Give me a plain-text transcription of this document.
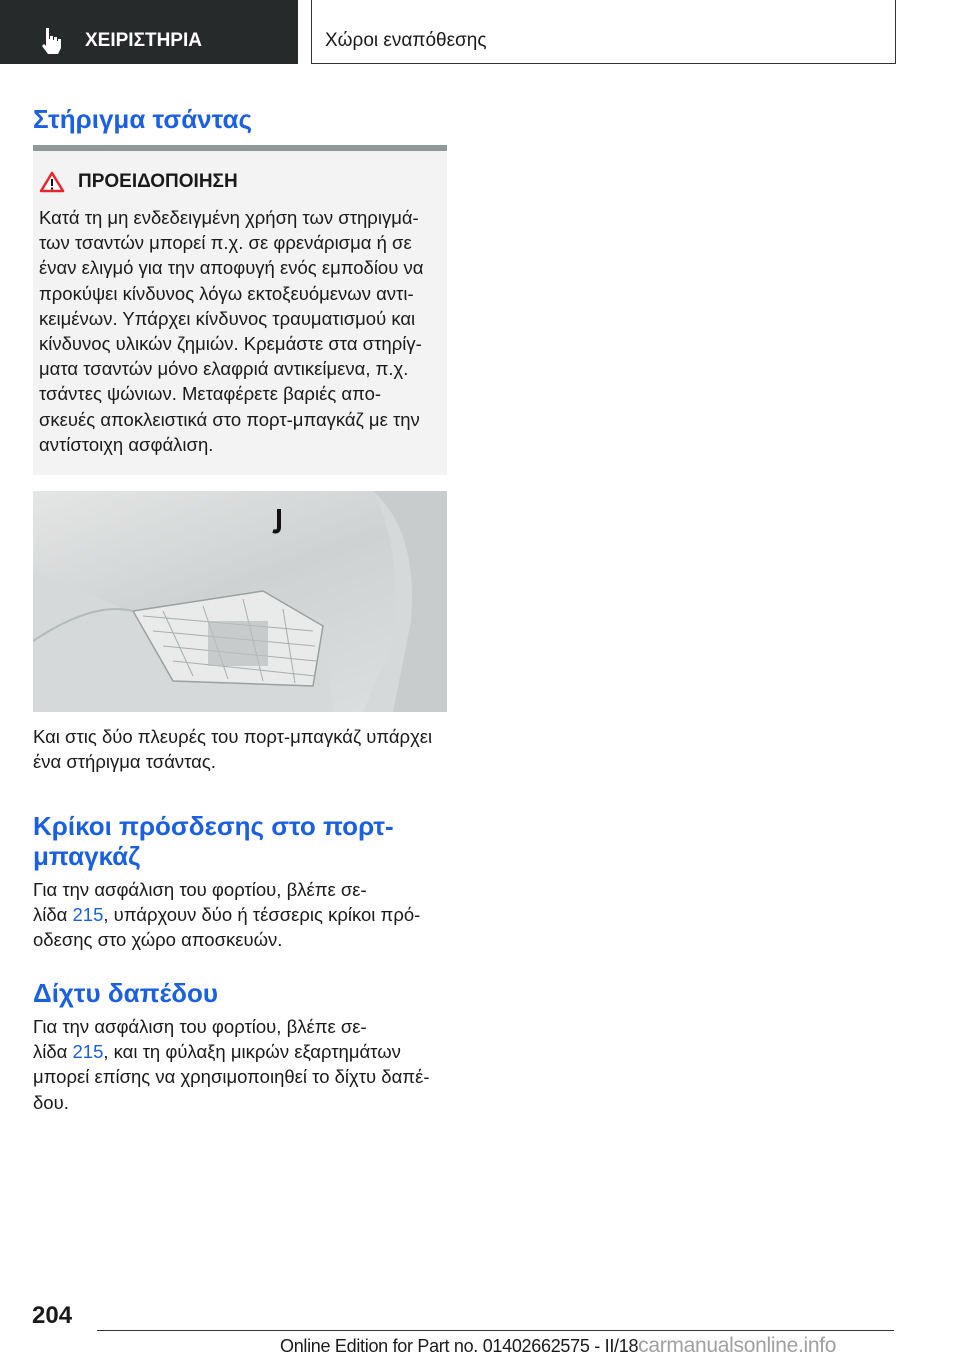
ΧΕΙΡΙΣΤΗΡΙΑ	Χώροι εναπόθεσης
Στήριγμα τσάντας
ΠΡΟΕΙΔΟΠΟΙΗΣΗ
Κατά τη μη ενδεδειγμένη χρήση των στηριγμά-
των τσαντών μπορεί π.χ. σε φρενάρισμα ή σε
έναν ελιγμό για την αποφυγή ενός εμποδίου να
προκύψει κίνδυνος λόγω εκτοξευόμενων αντι-
κειμένων. Υπάρχει κίνδυνος τραυματισμού και
κίνδυνος υλικών ζημιών. Κρεμάστε στα στηρίγ-
ματα τσαντών μόνο ελαφριά αντικείμενα, π.χ.
τσάντες ψώνιων. Μεταφέρετε βαριές απο-
σκευές αποκλειστικά στο πορτ-μπαγκάζ με την
αντίστοιχη ασφάλιση.
Και στις δύο πλευρές του πορτ-μπαγκάζ υπάρχει
ένα στήριγμα τσάντας.
Κρίκοι πρόσδεσης στο πορτ-
μπαγκάζ
Για την ασφάλιση του φορτίου, βλέπε σε-
λίδα 215, υπάρχουν δύο ή τέσσερις κρίκοι πρό-
οδεσης στο χώρο αποσκευών.
Δίχτυ δαπέδου
Για την ασφάλιση του φορτίου, βλέπε σε-
λίδα 215, και τη φύλαξη μικρών εξαρτημάτων
μπορεί επίσης να χρησιμοποιηθεί το δίχτυ δαπέ-
δου.
204
Online Edition for Part no. 01402662575 - II/18carmanualsonline.info
